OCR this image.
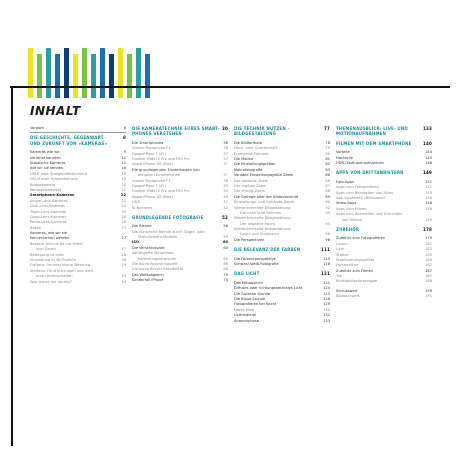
INHALT
Vorwort	6
DIE GESCHICHTE, GEGENWART	8
UND ZUKUNFT VON »KAMERAS«
Kameras wie wir	9
sie einst kannten	11
Klassische Kameras	11
wie wir sie kennen	16
DSLR oder Spiegelreflexkamera	18
DSLM oder Systemkamera	19
Bridgekamera	20
Kompaktkameras	21
Smartphone-Kameras	22
Single-Lens-Kameras	22
Dual-Lens-Kameras	24
Triple-Lens-Kameras	25
Quad-Lens-Kameras	26
Penta-Lens-Kameras	26
Bokeh	27
Kameras, wie wir sie
kennenlernen werden	27
Bessere Technik ist nur Mittel
zum Zweck	27
Bewegung ist alles	28
Einbindung in 4K-Projekte	28
Drittens: Verlasst kleine Werbung	29
Viertens: Fühlt euch wohl und lernt
eure Leidenschaften	29
Was lernen wir daraus?	29
DIE KAMERATECHNIK EURES SMART- 30
PHONES VERSTEHEN
Die Smartphones	36
Xiaomi Pocophone F1	36
Google Pixel 3 (XL)	37
Huawei Mate20 Pro und P20 Pro	37
Apple iPhone XS (Max)	37
Die grundlegenden Einstellungen von
aktuellen Smartphones	37
Xiaomi Pocophone F1	38
Google Pixel 3 (XL)	39
Huawei Mate20 Pro und P20 Pro	39
Apple iPhone XS (Max)	40
HDR	41
KI-Kameras	42
GRUNDLEGENDE FOTOGRAFIE	52
Die Blende	56
Die künstliche Blende durch Single- oder
Multi-Kamera-Modelle	59
ISO	60
Die Verschlusszeit	64
Verlängerte Schwenker-
Belichtungsintervalle	65
Die kurze Belichtungszeit	66
Die kurze Bruyer-Sensibilität	68
Der Weißabgleich	70
Sonderfall iPhone	74
DIE TECHNIK NUTZEN –	77
BILDGESTALTUNG
Die Bildformate	78
Hoch- oder Querformat?	79
Erweiterte Formate	80
Die Motive	81
Die Einstellungsgrößen	82
Makrofotografie	83
Variable Einstellungsgröße Zoom	86
Der optische Zoom	86
Der digitale Zoom	87
Der Hybrid-Zoom	88
Die Gefrage oder der Bildausschnitt	89
Einstellungs- und Gebäude-Zoom	90
Wiederkehrende Bildgestaltung	92
Die natürliche Rahmen	93
Wiederkehrende Bildgestaltung
Der negative Raum	95
Wiederkehrende Bildgestaltung
Linien und Strukturen	96
Die Perspektiven	98
DIE RELEVANZ DER FARBEN	111
Die Farbentperspektive	115
Schwarz-Weiß-Fotografie	118
DAS LICHT	121
Das Mittagslicht	121
Diffuses oder richtungsneutrales Licht	124
Die Goldene Stunde	125
Die Blaue Stunde	126
Fotografieren bei Nacht	129
Nacht-Modi	130
Lichtmalerei	132
Anamorphose	133
THEMENAUSBLICK: LIVE- UND	133
MOTIONAUFNAHMEN
FILMEN MIT DEM SMARTPHONE	140
Vorteile	144
Nachteile	145
HDR-/Zeitlupenaufnahmen	146
APPS VON DRITTANBIETERN	149
Foto-Apps	151
Apps zum Fotografieren	151
Apps zum Bearbeiten von Fotos	153
App-Sonderfall »Bildspace«	156
Video-Apps	158
Apps zum Filmen	158
Apps zum Bearbeiten und Schneiden
von Videos	159
ZUBEHÖR	178
Zubehör zum Fotografieren	179
Linsen	181
Licht	183
Stative	185
Stabilisierungsgeräte	186
Fernauslöser	187
Zubehör zum Filmen	187
Ton	187
Bildstabilisatorenregler	188
Schlusswort	190
Bildnachweis	191
